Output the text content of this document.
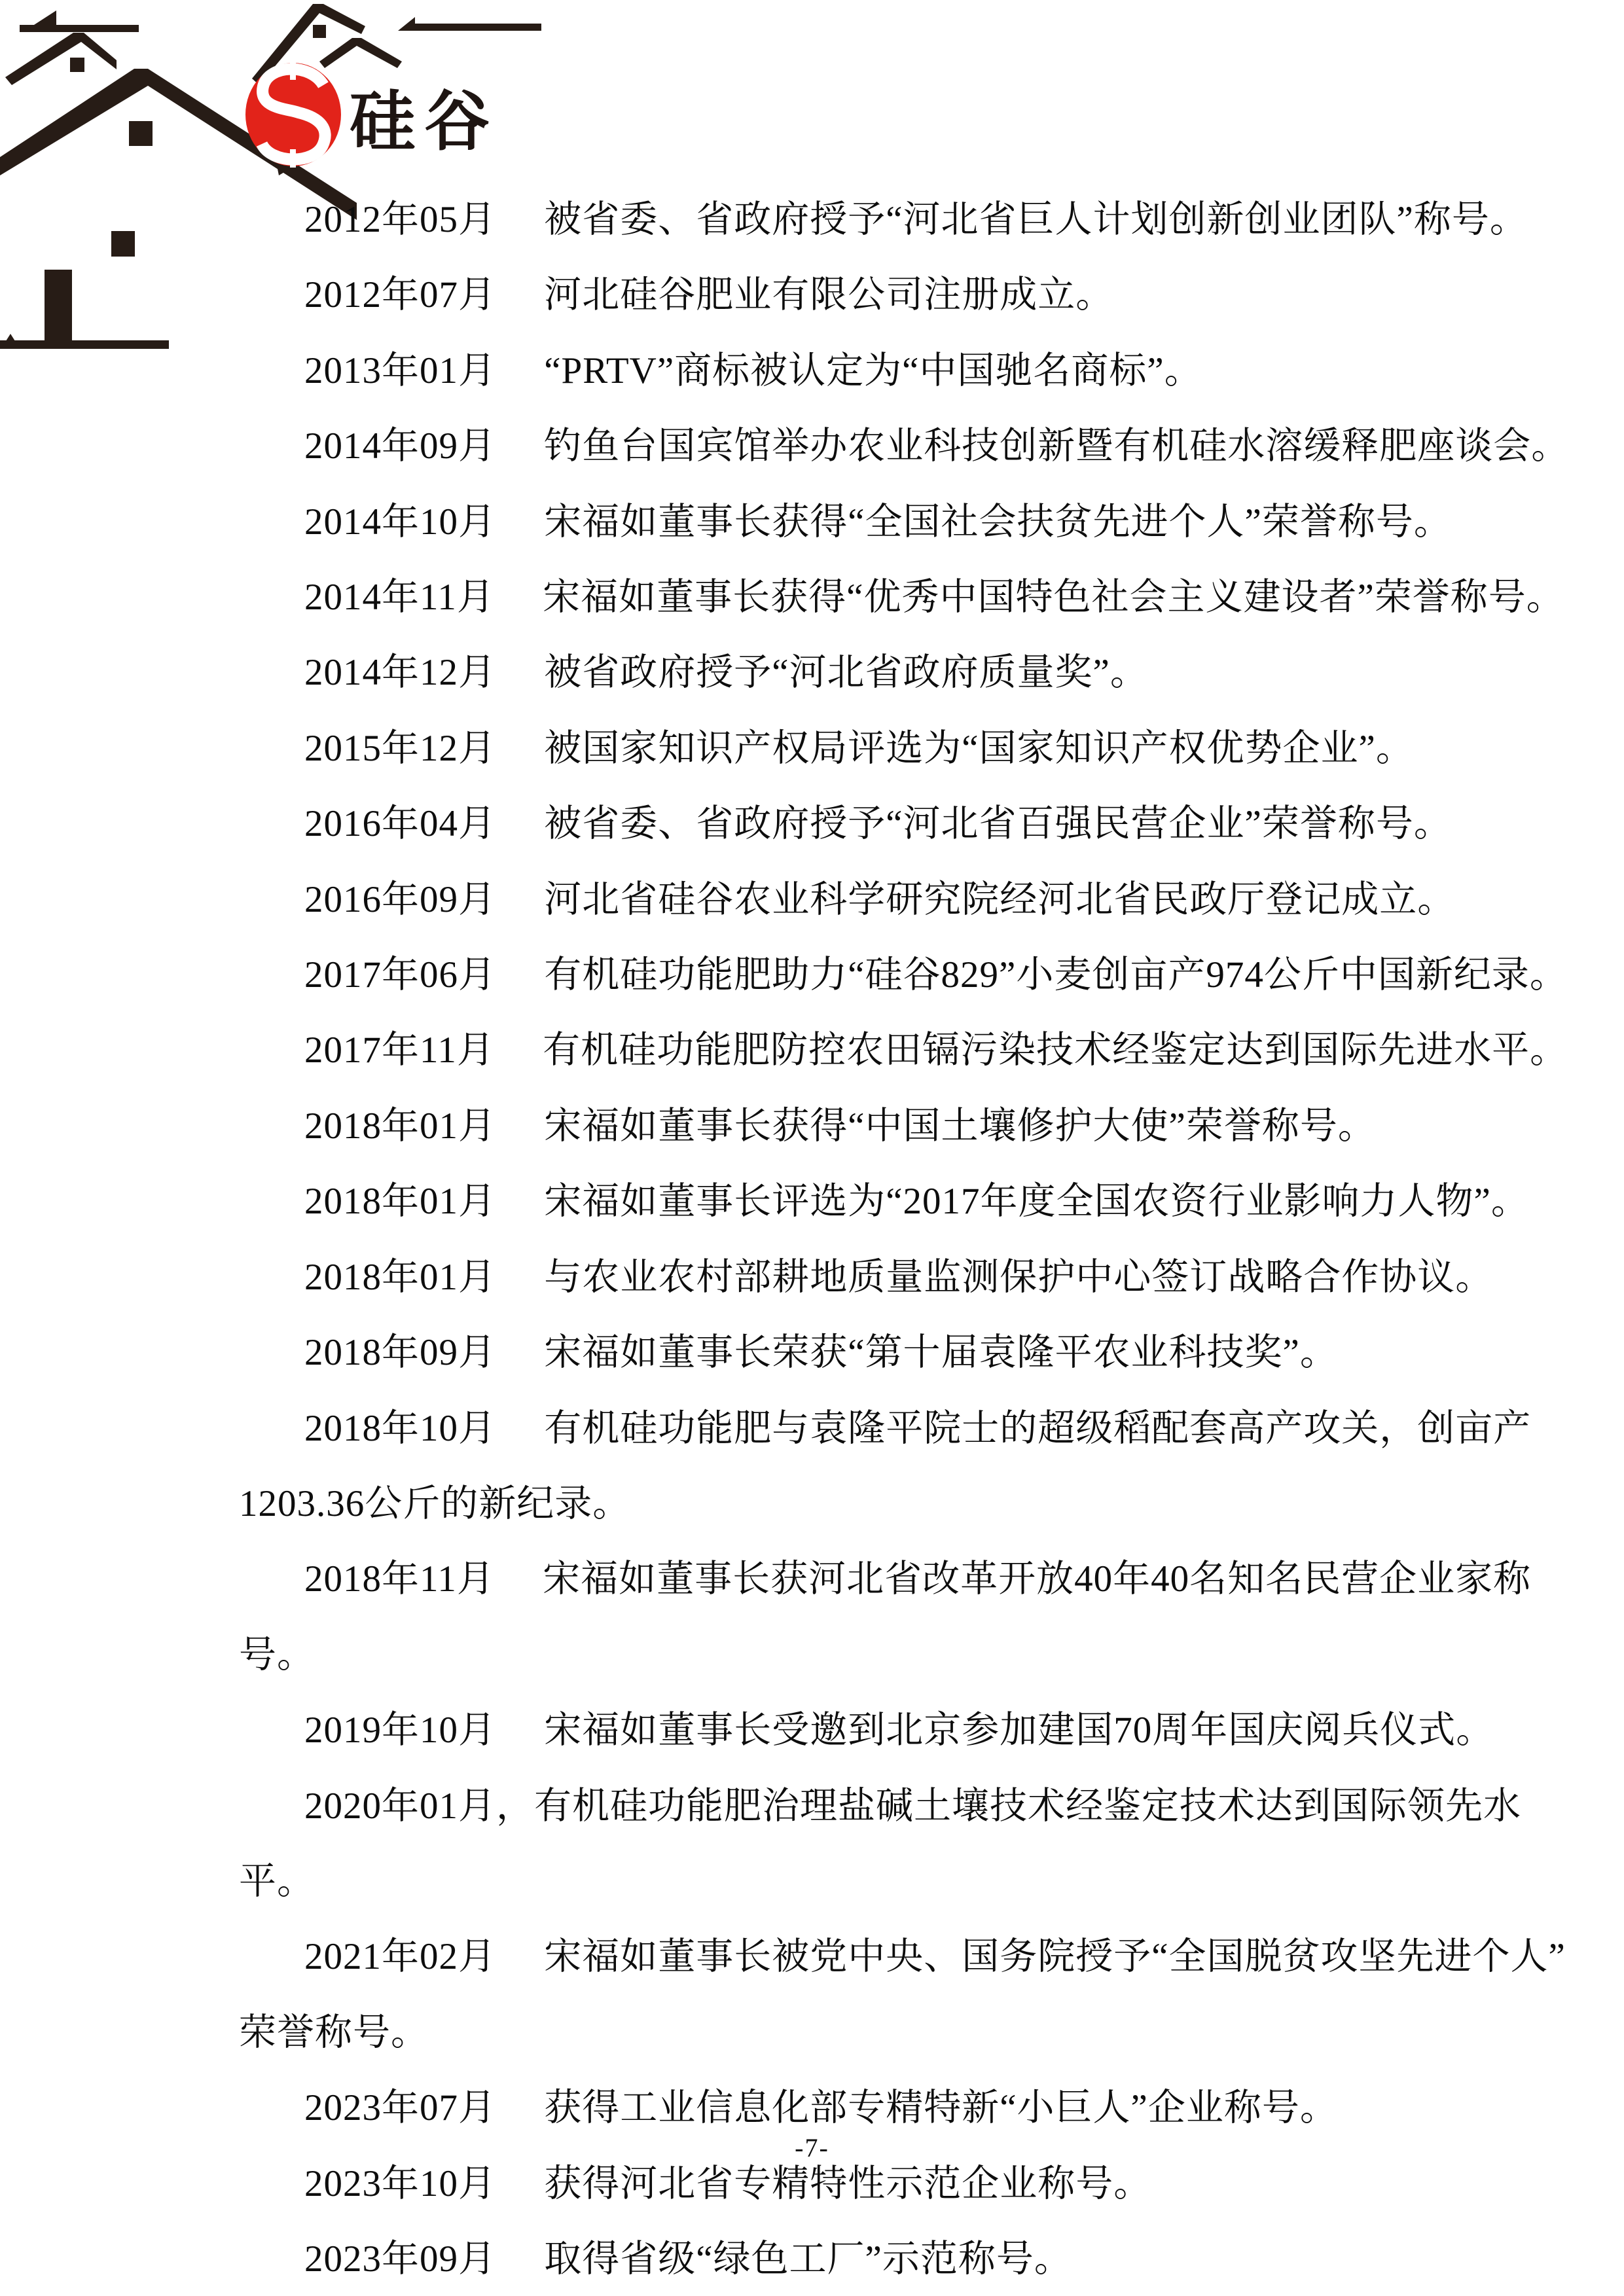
硅谷

2012年05月　 被省委、省政府授予“河北省巨人计划创新创业团队”称号。

2012年07月　 河北硅谷肥业有限公司注册成立。

2013年01月　 “PRTV”商标被认定为“中国驰名商标”。

2014年09月　 钓鱼台国宾馆举办农业科技创新暨有机硅水溶缓释肥座谈会。

2014年10月　 宋福如董事长获得“全国社会扶贫先进个人”荣誉称号。

2014年11月　 宋福如董事长获得“优秀中国特色社会主义建设者”荣誉称号。

2014年12月　 被省政府授予“河北省政府质量奖”。

2015年12月　 被国家知识产权局评选为“国家知识产权优势企业”。

2016年04月　 被省委、省政府授予“河北省百强民营企业”荣誉称号。

2016年09月　 河北省硅谷农业科学研究院经河北省民政厅登记成立。

2017年06月　 有机硅功能肥助力“硅谷829”小麦创亩产974公斤中国新纪录。

2017年11月　 有机硅功能肥防控农田镉污染技术经鉴定达到国际先进水平。

2018年01月　 宋福如董事长获得“中国土壤修护大使”荣誉称号。

2018年01月　 宋福如董事长评选为“2017年度全国农资行业影响力人物”。

2018年01月　 与农业农村部耕地质量监测保护中心签订战略合作协议。

2018年09月　 宋福如董事长荣获“第十届袁隆平农业科技奖”。

2018年10月　 有机硅功能肥与袁隆平院士的超级稻配套高产攻关，创亩产

1203.36公斤的新纪录。

2018年11月　 宋福如董事长获河北省改革开放40年40名知名民营企业家称号。

2019年10月　 宋福如董事长受邀到北京参加建国70周年国庆阅兵仪式。

2020年01月，有机硅功能肥治理盐碱土壤技术经鉴定技术达到国际领先水平。

2021年02月　 宋福如董事长被党中央、国务院授予“全国脱贫攻坚先进个人”

荣誉称号。

2023年07月　 获得工业信息化部专精特新“小巨人”企业称号。

2023年10月　 获得河北省专精特性示范企业称号。

2023年09月　 取得省级“绿色工厂”示范称号。

-7-
